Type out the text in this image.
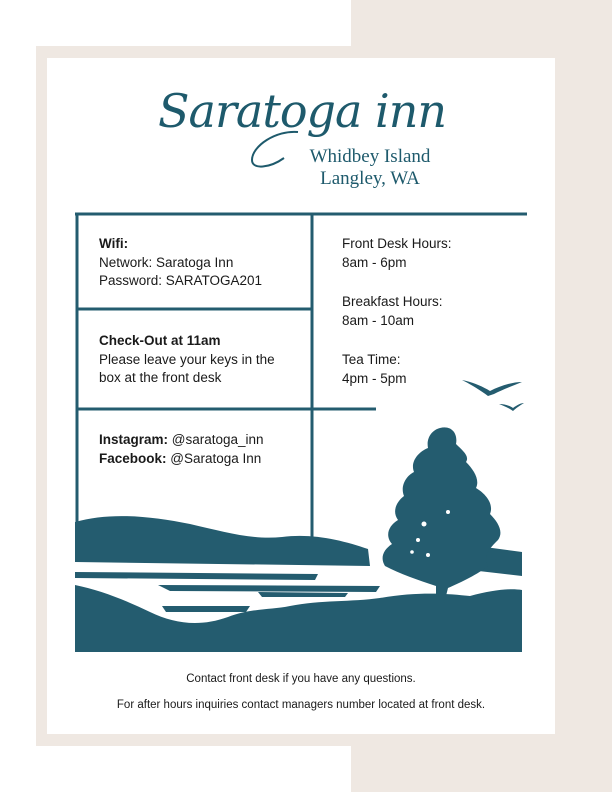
Saratoga inn
Whidbey Island
Langley, WA
Wifi:
Network: Saratoga Inn
Password: SARATOGA201
Check-Out at 11am
Please leave your keys in the
box at the front desk
Instagram: @saratoga_inn
Facebook: @Saratoga Inn
Front Desk Hours:
8am - 6pm
Breakfast Hours:
8am - 10am
Tea Time:
4pm - 5pm
Contact front desk if you have any questions.
For after hours inquiries contact managers number located at front desk.
